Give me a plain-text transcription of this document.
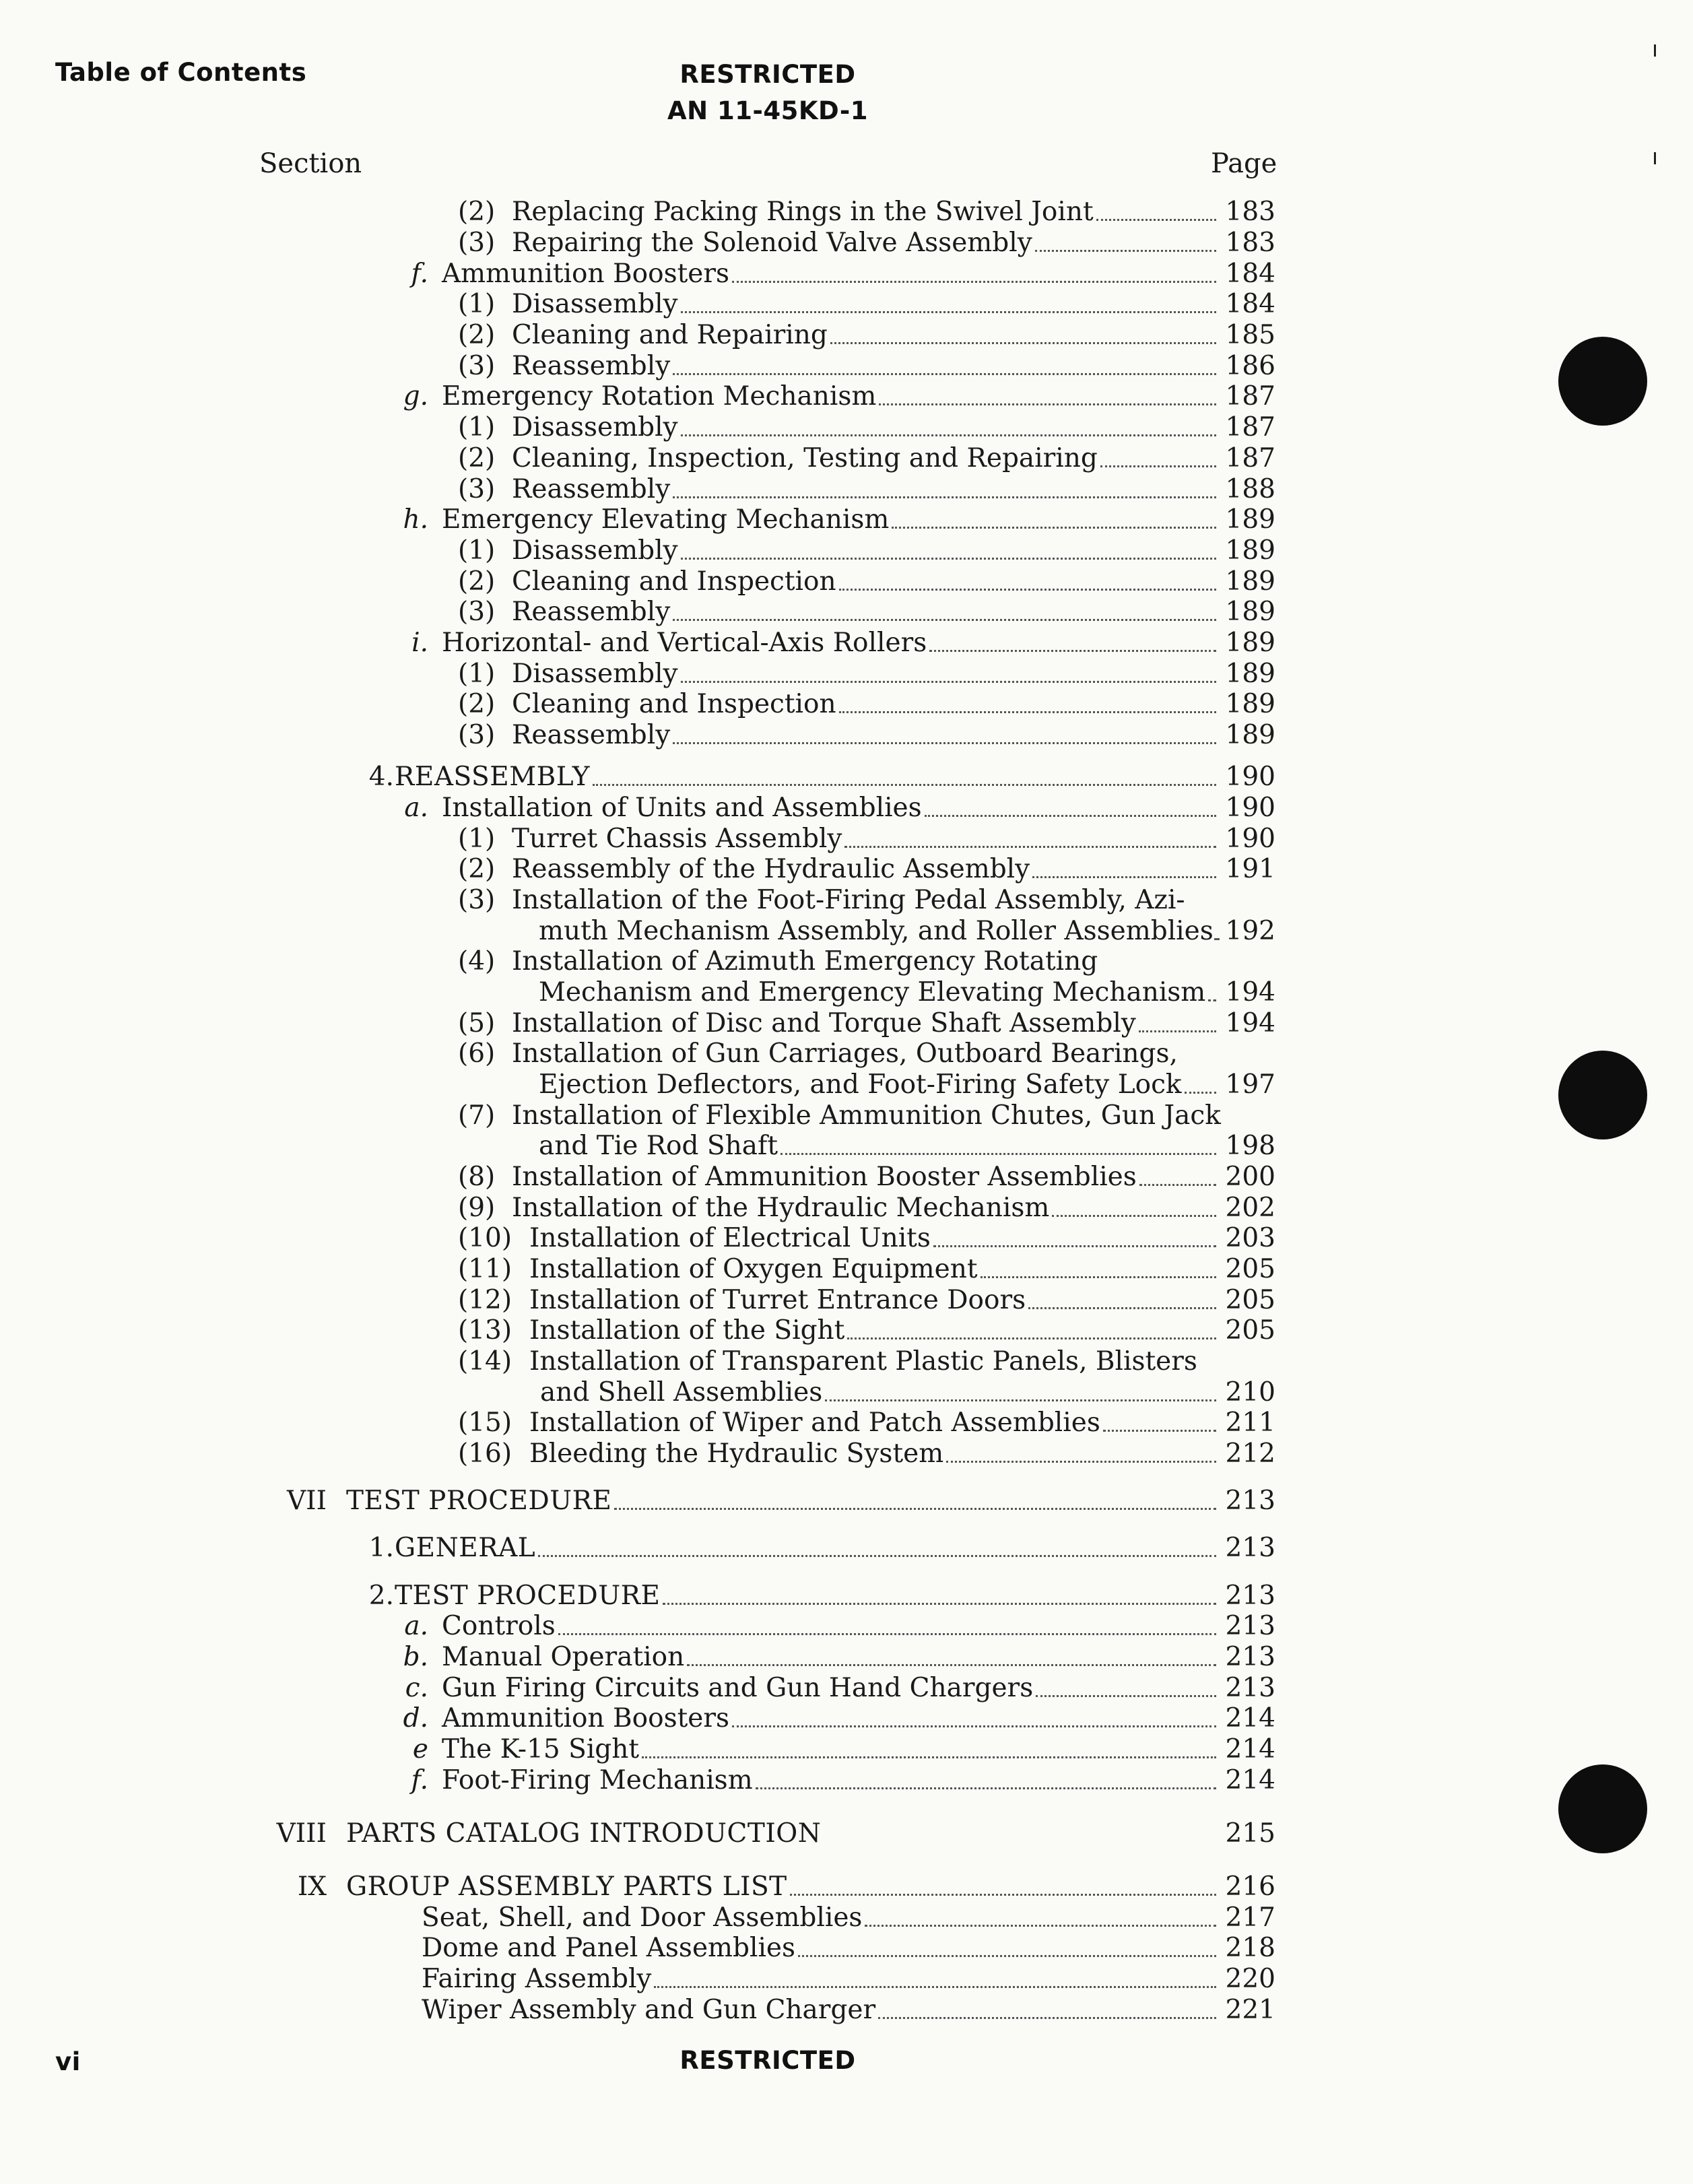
Table of Contents	RESTRICTED
AN 11-45KD-1
Section	Page
(2) Replacing Packing Rings in the Swivel Joint	183
(3) Repairing the Solenoid Valve Assembly	183
f. Ammunition Boosters	184
(1) Disassembly	184
(2) Cleaning and Repairing	185
(3) Reassembly	186
g. Emergency Rotation Mechanism	187
(1) Disassembly	187
(2) Cleaning, Inspection, Testing and Repairing	187
(3) Reassembly	188
h. Emergency Elevating Mechanism	189
(1) Disassembly	189
(2) Cleaning and Inspection	189
(3) Reassembly	189
i. Horizontal- and Vertical-Axis Rollers	189
(1) Disassembly	189
(2) Cleaning and Inspection	189
(3) Reassembly	189
4. REASSEMBLY	190
a. Installation of Units and Assemblies	190
(1) Turret Chassis Assembly	190
(2) Reassembly of the Hydraulic Assembly	191
(3) Installation of the Foot-Firing Pedal Assembly, Azi-
muth Mechanism Assembly, and Roller Assemblies 192
(4) Installation of Azimuth Emergency Rotating
Mechanism and Emergency Elevating Mechanism 194
(5) Installation of Disc and Torque Shaft Assembly	194
(6) Installation of Gun Carriages, Outboard Bearings,
Ejection Deflectors, and Foot-Firing Safety Lock 197
(7) Installation of Flexible Ammunition Chutes, Gun Jack
and Tie Rod Shaft	198
(8) Installation of Ammunition Booster Assemblies	200
(9) Installation of the Hydraulic Mechanism	202
(10) Installation of Electrical Units	203
(11) Installation of Oxygen Equipment	205
(12) Installation of Turret Entrance Doors	205
(13) Installation of the Sight	205
(14) Installation of Transparent Plastic Panels, Blisters
and Shell Assemblies	210
(15) Installation of Wiper and Patch Assemblies	211
(16) Bleeding the Hydraulic System	212
VII TEST PROCEDURE	213
1. GENERAL	213
2. TEST PROCEDURE	213
a. Controls	213
b. Manual Operation	213
c. Gun Firing Circuits and Gun Hand Chargers	213
d. Ammunition Boosters	214
e The K-15 Sight	214
f. Foot-Firing Mechanism	214
VIII PARTS CATALOG INTRODUCTION	215
IX GROUP ASSEMBLY PARTS LIST	216
Seat, Shell, and Door Assemblies	217
Dome and Panel Assemblies	218
Fairing Assembly	220
Wiper Assembly and Gun Charger	221
vi	RESTRICTED
